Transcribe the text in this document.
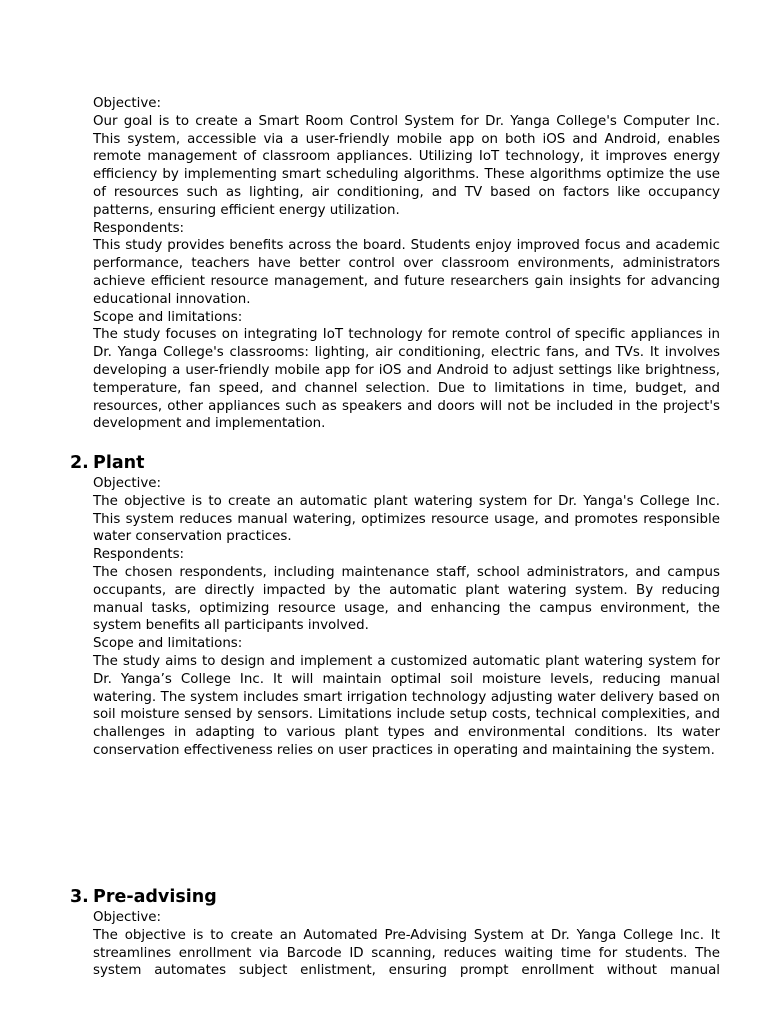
Objective:
Our goal is to create a Smart Room Control System for Dr. Yanga College's Computer Inc. This system, accessible via a user-friendly mobile app on both iOS and Android, enables remote management of classroom appliances. Utilizing IoT technology, it improves energy efficiency by implementing smart scheduling algorithms. These algorithms optimize the use of resources such as lighting, air conditioning, and TV based on factors like occupancy patterns, ensuring efficient energy utilization.
Respondents:
This study provides benefits across the board. Students enjoy improved focus and academic performance, teachers have better control over classroom environments, administrators achieve efficient resource management, and future researchers gain insights for advancing educational innovation.
Scope and limitations:
The study focuses on integrating IoT technology for remote control of specific appliances in Dr. Yanga College's classrooms: lighting, air conditioning, electric fans, and TVs. It involves developing a user-friendly mobile app for iOS and Android to adjust settings like brightness, temperature, fan speed, and channel selection. Due to limitations in time, budget, and resources, other appliances such as speakers and doors will not be included in the project's development and implementation.
2. Plant
Objective:
The objective is to create an automatic plant watering system for Dr. Yanga's College Inc. This system reduces manual watering, optimizes resource usage, and promotes responsible water conservation practices.
Respondents:
The chosen respondents, including maintenance staff, school administrators, and campus occupants, are directly impacted by the automatic plant watering system. By reducing manual tasks, optimizing resource usage, and enhancing the campus environment, the system benefits all participants involved.
Scope and limitations:
The study aims to design and implement a customized automatic plant watering system for Dr. Yanga’s College Inc. It will maintain optimal soil moisture levels, reducing manual watering. The system includes smart irrigation technology adjusting water delivery based on soil moisture sensed by sensors. Limitations include setup costs, technical complexities, and challenges in adapting to various plant types and environmental conditions. Its water conservation effectiveness relies on user practices in operating and maintaining the system.
3. Pre-advising
Objective:
The objective is to create an Automated Pre-Advising System at Dr. Yanga College Inc. It streamlines enrollment via Barcode ID scanning, reduces waiting time for students. The system automates subject enlistment, ensuring prompt enrollment without manual
